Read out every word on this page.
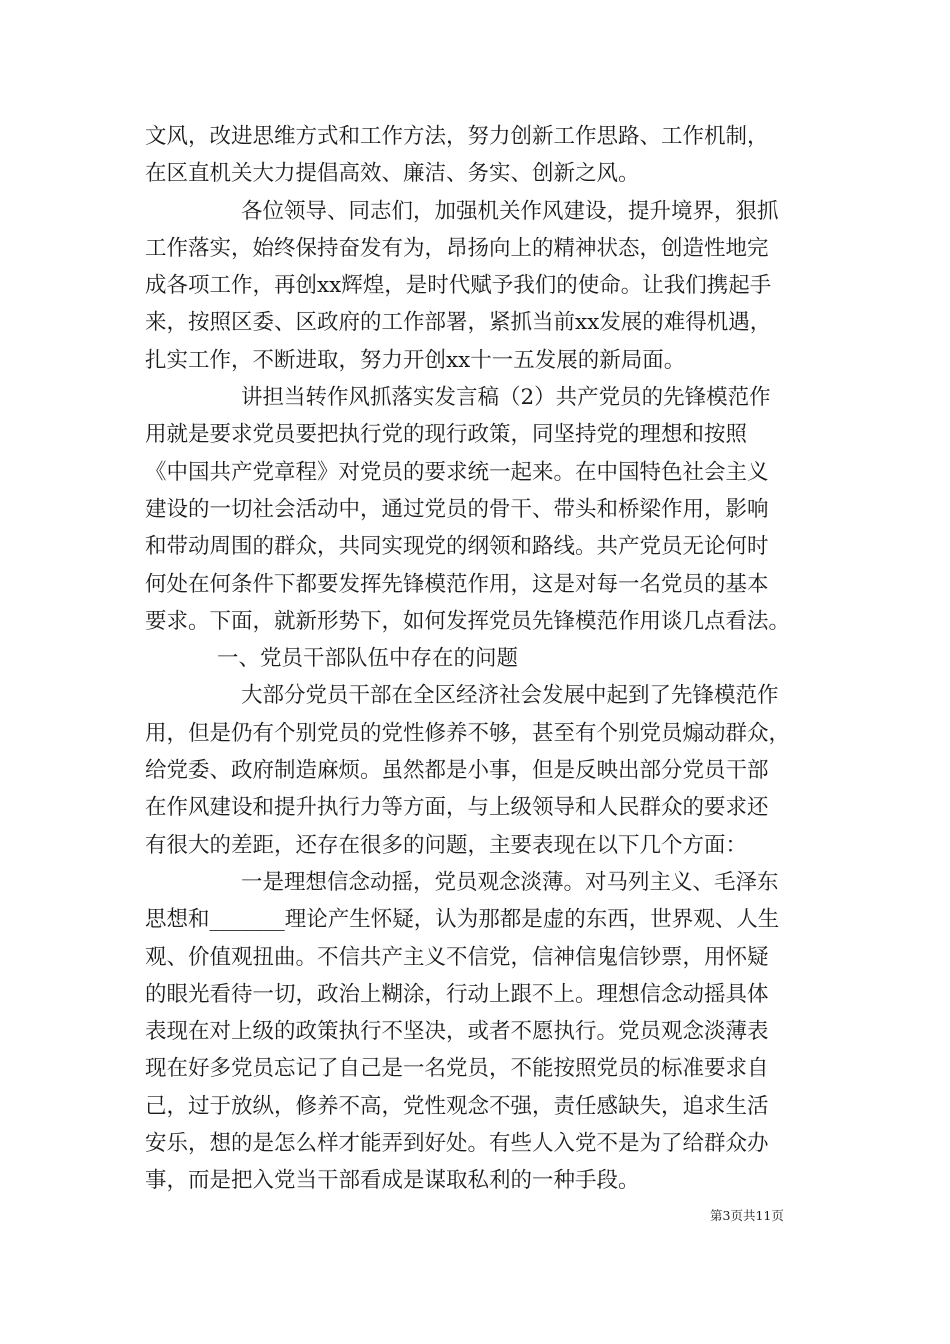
文风，改进思维方式和工作方法，努力创新工作思路、工作机制，
在区直机关大力提倡高效、廉洁、务实、创新之风。
各位领导、同志们，加强机关作风建设，提升境界，狠抓
工作落实，始终保持奋发有为，昂扬向上的精神状态，创造性地完
成各项工作，再创xx辉煌，是时代赋予我们的使命。让我们携起手
来，按照区委、区政府的工作部署，紧抓当前xx发展的难得机遇，
扎实工作，不断进取，努力开创xx十一五发展的新局面。
讲担当转作风抓落实发言稿（2）共产党员的先锋模范作
用就是要求党员要把执行党的现行政策，同坚持党的理想和按照
《中国共产党章程》对党员的要求统一起来。在中国特色社会主义
建设的一切社会活动中，通过党员的骨干、带头和桥梁作用，影响
和带动周围的群众，共同实现党的纲领和路线。共产党员无论何时
何处在何条件下都要发挥先锋模范作用，这是对每一名党员的基本
要求。下面，就新形势下，如何发挥党员先锋模范作用谈几点看法。
一、党员干部队伍中存在的问题
大部分党员干部在全区经济社会发展中起到了先锋模范作
用，但是仍有个别党员的党性修养不够，甚至有个别党员煽动群众，
给党委、政府制造麻烦。虽然都是小事，但是反映出部分党员干部
在作风建设和提升执行力等方面，与上级领导和人民群众的要求还
有很大的差距，还存在很多的问题，主要表现在以下几个方面：
一是理想信念动摇，党员观念淡薄。对马列主义、毛泽东
思想和_______理论产生怀疑，认为那都是虚的东西，世界观、人生
观、价值观扭曲。不信共产主义不信党，信神信鬼信钞票，用怀疑
的眼光看待一切，政治上糊涂，行动上跟不上。理想信念动摇具体
表现在对上级的政策执行不坚决，或者不愿执行。党员观念淡薄表
现在好多党员忘记了自己是一名党员，不能按照党员的标准要求自
己，过于放纵，修养不高，党性观念不强，责任感缺失，追求生活
安乐，想的是怎么样才能弄到好处。有些人入党不是为了给群众办
事，而是把入党当干部看成是谋取私利的一种手段。
第3页共11页
